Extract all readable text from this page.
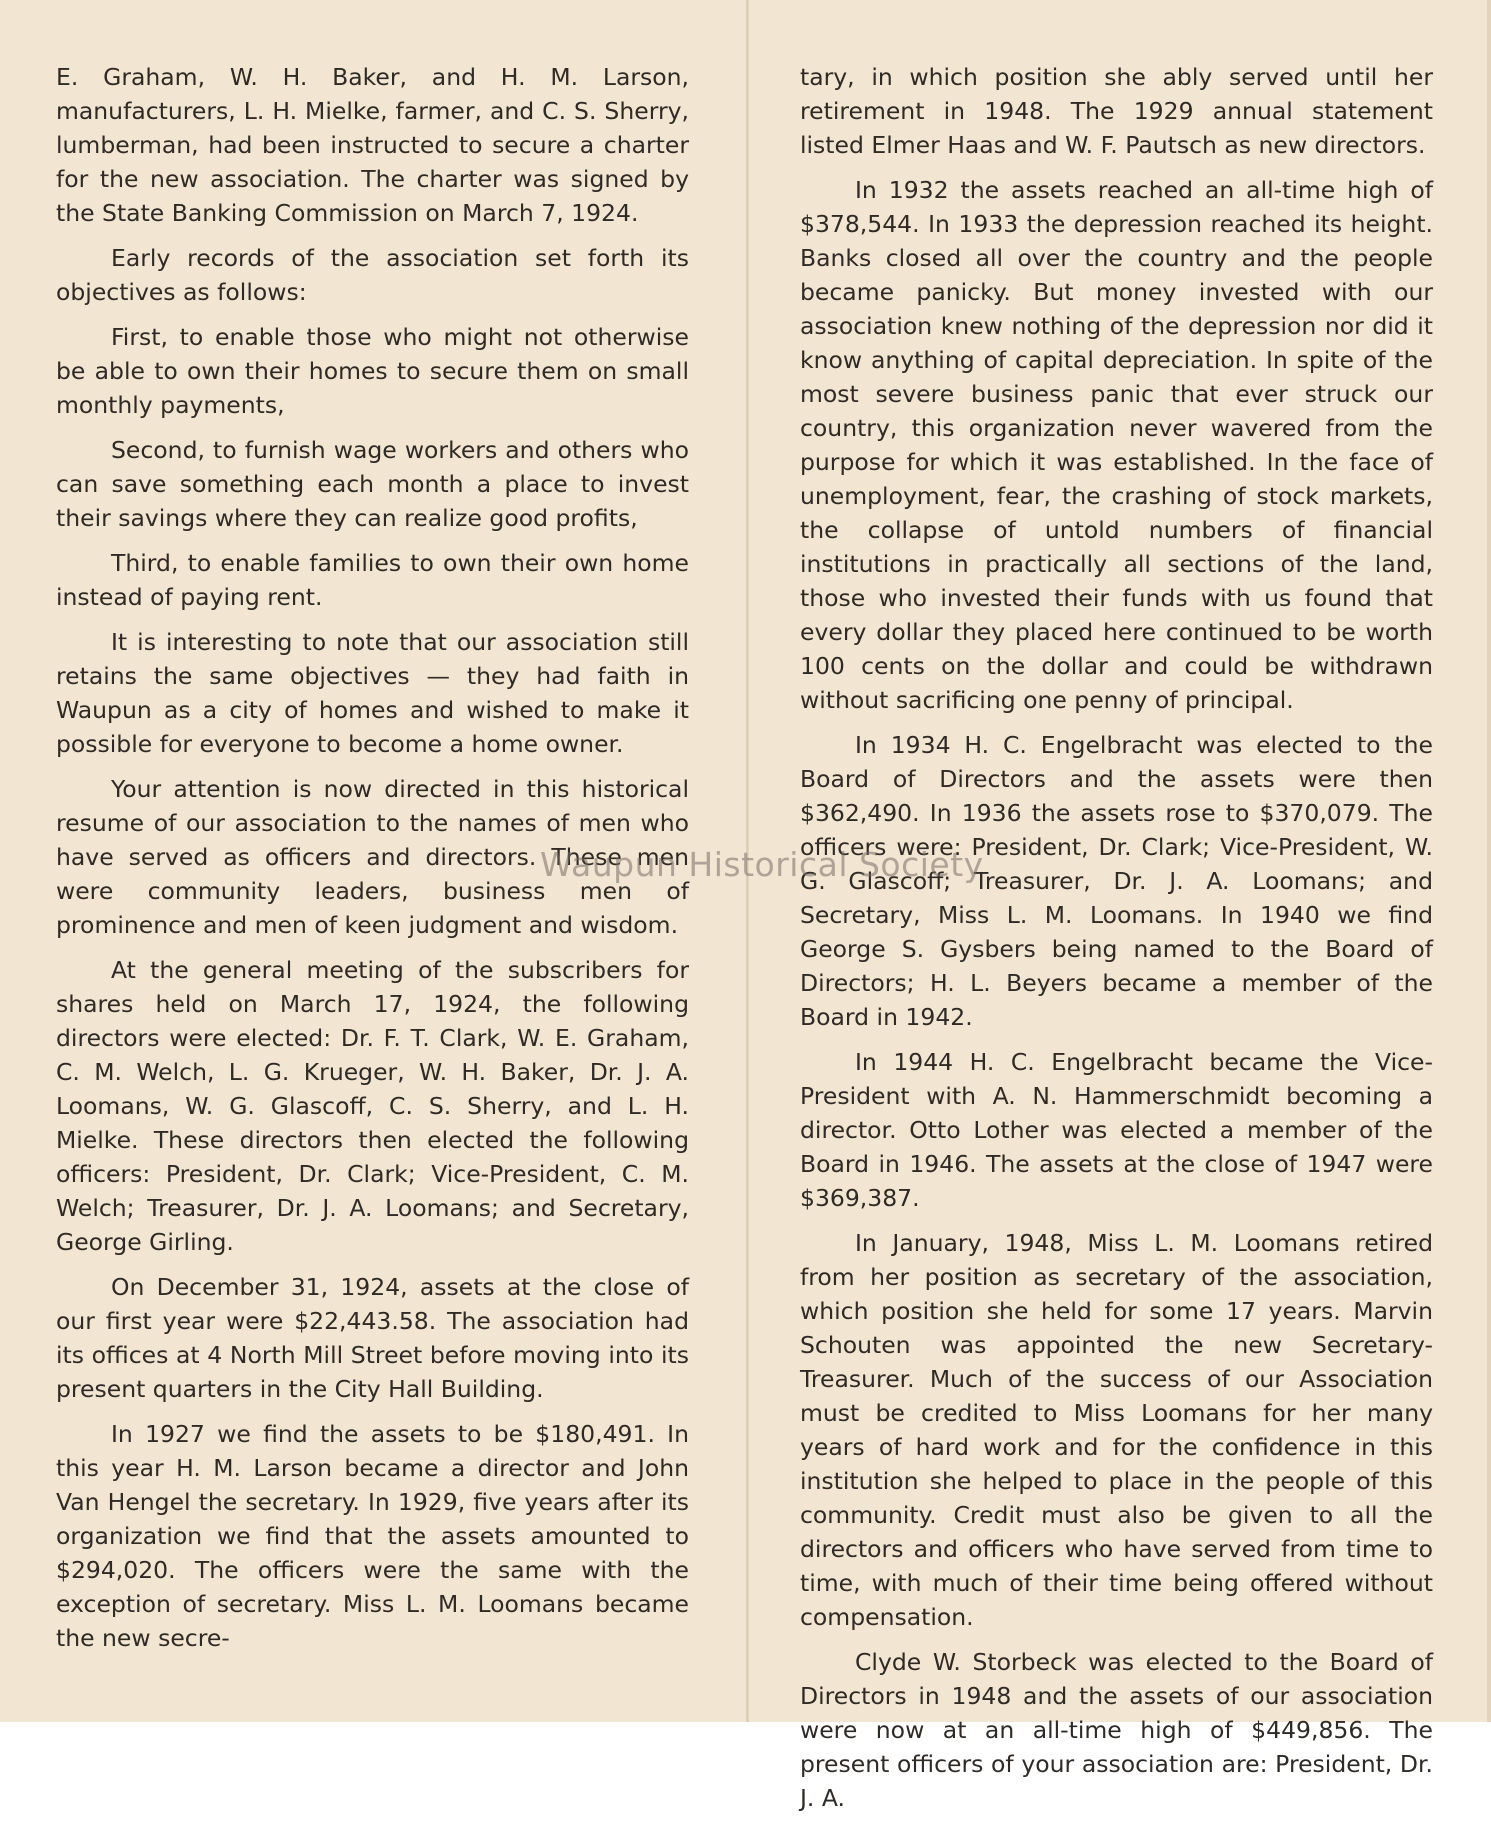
E. Graham, W. H. Baker, and H. M. Larson, manufacturers, L. H. Mielke, farmer, and C. S. Sherry, lumberman, had been instructed to secure a charter for the new association. The charter was signed by the State Banking Commission on March 7, 1924.

Early records of the association set forth its objectives as follows:

First, to enable those who might not otherwise be able to own their homes to secure them on small monthly payments,

Second, to furnish wage workers and others who can save something each month a place to invest their savings where they can realize good profits,

Third, to enable families to own their own home instead of paying rent.

It is interesting to note that our association still retains the same objectives — they had faith in Waupun as a city of homes and wished to make it possible for everyone to become a home owner.

Your attention is now directed in this historical resume of our association to the names of men who have served as officers and directors. These men were community leaders, business men of prominence and men of keen judgment and wisdom.

At the general meeting of the subscribers for shares held on March 17, 1924, the following directors were elected: Dr. F. T. Clark, W. E. Graham, C. M. Welch, L. G. Krueger, W. H. Baker, Dr. J. A. Loomans, W. G. Glascoff, C. S. Sherry, and L. H. Mielke. These directors then elected the following officers: President, Dr. Clark; Vice-President, C. M. Welch; Treasurer, Dr. J. A. Loomans; and Secretary, George Girling.

On December 31, 1924, assets at the close of our first year were $22,443.58. The association had its offices at 4 North Mill Street before moving into its present quarters in the City Hall Building.

In 1927 we find the assets to be $180,491. In this year H. M. Larson became a director and John Van Hengel the secretary. In 1929, five years after its organization we find that the assets amounted to $294,020. The officers were the same with the exception of secretary. Miss L. M. Loomans became the new secre-

tary, in which position she ably served until her retirement in 1948. The 1929 annual statement listed Elmer Haas and W. F. Pautsch as new directors.

In 1932 the assets reached an all-time high of $378,544. In 1933 the depression reached its height. Banks closed all over the country and the people became panicky. But money invested with our association knew nothing of the depression nor did it know anything of capital depreciation. In spite of the most severe business panic that ever struck our country, this organization never wavered from the purpose for which it was established. In the face of unemployment, fear, the crashing of stock markets, the collapse of untold numbers of financial institutions in practically all sections of the land, those who invested their funds with us found that every dollar they placed here continued to be worth 100 cents on the dollar and could be withdrawn without sacrificing one penny of principal.

In 1934 H. C. Engelbracht was elected to the Board of Directors and the assets were then $362,490. In 1936 the assets rose to $370,079. The officers were: President, Dr. Clark; Vice-President, W. G. Glascoff; Treasurer, Dr. J. A. Loomans; and Secretary, Miss L. M. Loomans. In 1940 we find George S. Gysbers being named to the Board of Directors; H. L. Beyers became a member of the Board in 1942.

In 1944 H. C. Engelbracht became the Vice-President with A. N. Hammerschmidt becoming a director. Otto Lother was elected a member of the Board in 1946. The assets at the close of 1947 were $369,387.

In January, 1948, Miss L. M. Loomans retired from her position as secretary of the association, which position she held for some 17 years. Marvin Schouten was appointed the new Secretary-Treasurer. Much of the success of our Association must be credited to Miss Loomans for her many years of hard work and for the confidence in this institution she helped to place in the people of this community. Credit must also be given to all the directors and officers who have served from time to time, with much of their time being offered without compensation.

Clyde W. Storbeck was elected to the Board of Directors in 1948 and the assets of our association were now at an all-time high of $449,856. The present officers of your association are: President, Dr. J. A.

Waupun Historical Society
